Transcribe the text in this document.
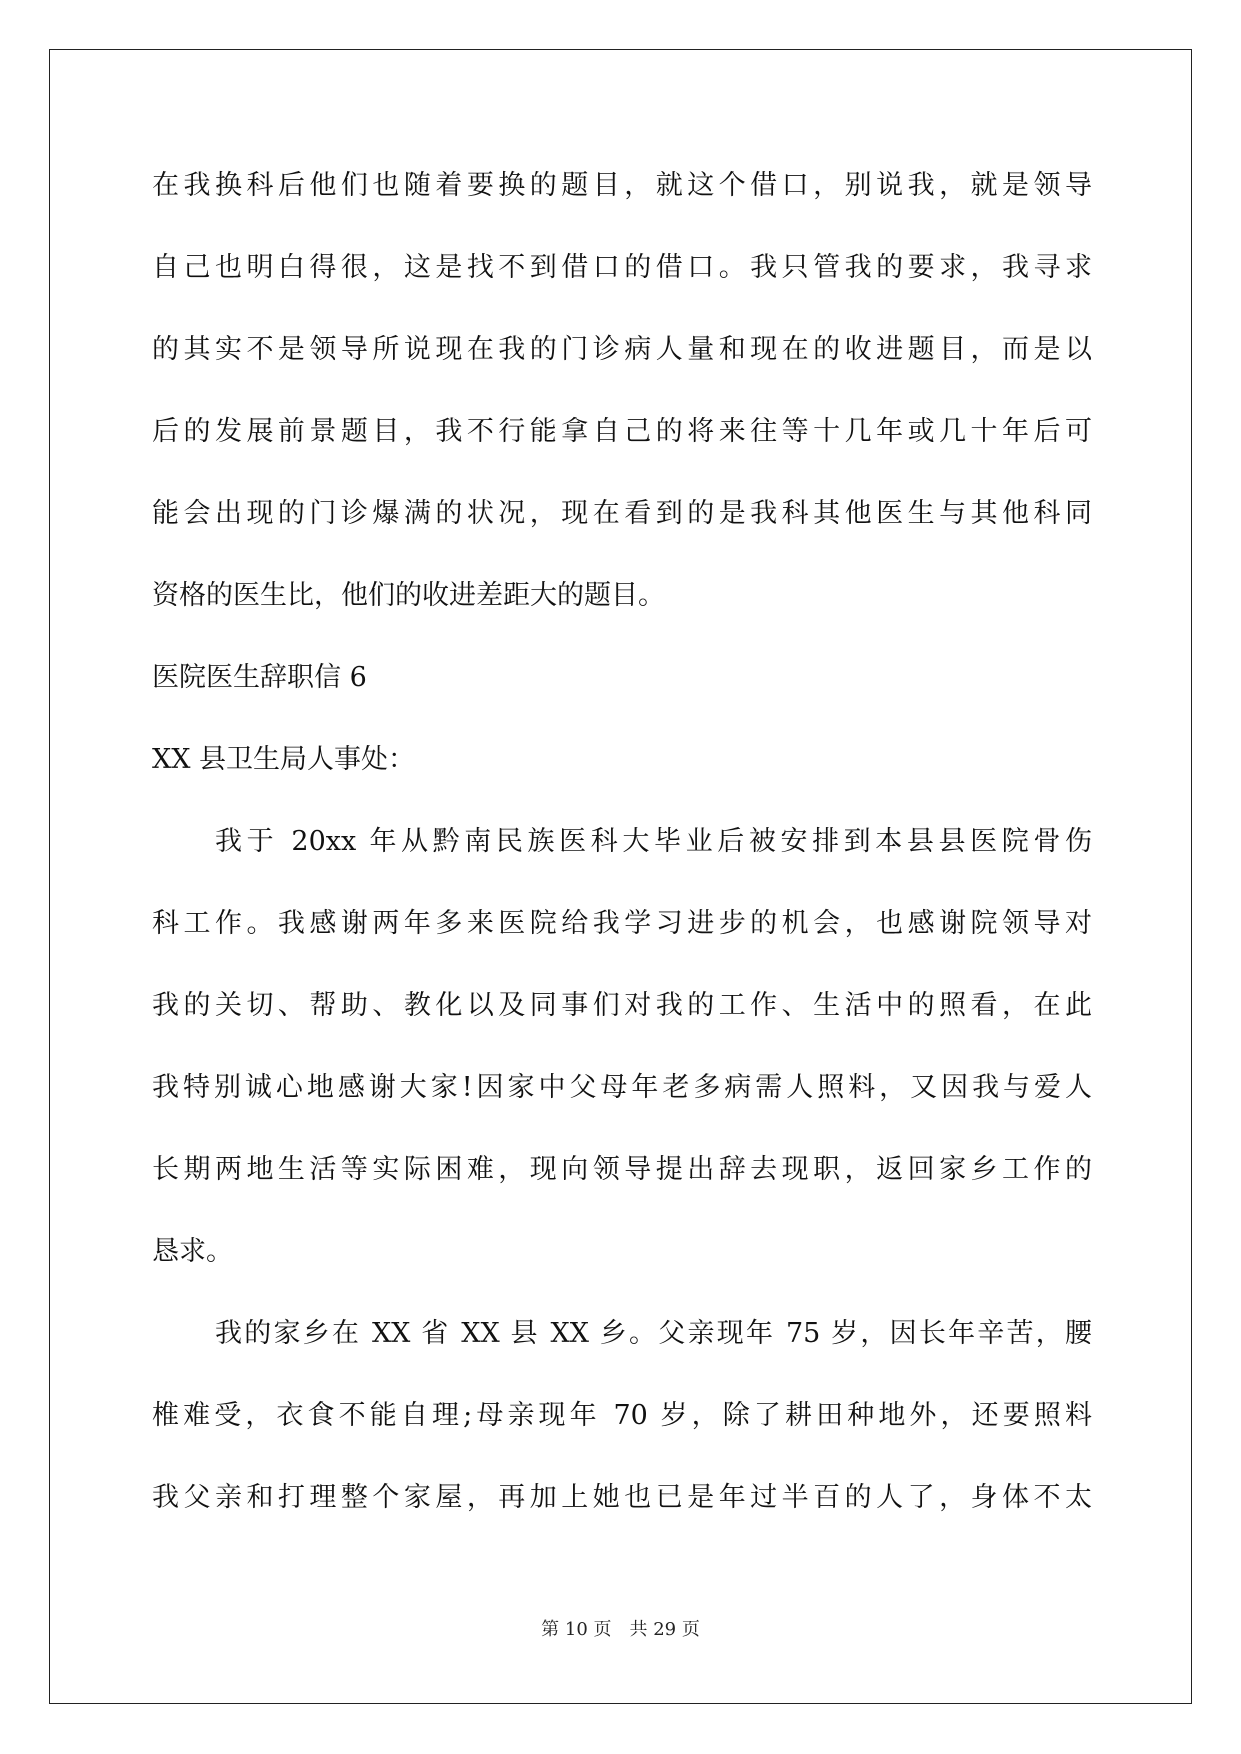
在我换科后他们也随着要换的题目，就这个借口，别说我，就是领导
自己也明白得很，这是找不到借口的借口。我只管我的要求，我寻求
的其实不是领导所说现在我的门诊病人量和现在的收进题目，而是以
后的发展前景题目，我不行能拿自己的将来往等十几年或几十年后可
能会出现的门诊爆满的状况，现在看到的是我科其他医生与其他科同
资格的医生比，他们的收进差距大的题目。
医院医生辞职信 6
XX 县卫生局人事处：
我于 20xx 年从黔南民族医科大毕业后被安排到本县县医院骨伤
科工作。我感谢两年多来医院给我学习进步的机会，也感谢院领导对
我的关切、帮助、教化以及同事们对我的工作、生活中的照看，在此
我特别诚心地感谢大家!因家中父母年老多病需人照料，又因我与爱人
长期两地生活等实际困难，现向领导提出辞去现职，返回家乡工作的
恳求。
我的家乡在 XX 省 XX 县 XX 乡。父亲现年 75 岁，因长年辛苦，腰
椎难受，衣食不能自理;母亲现年 70 岁，除了耕田种地外，还要照料
我父亲和打理整个家屋，再加上她也已是年过半百的人了，身体不太
第 10 页　共 29 页
